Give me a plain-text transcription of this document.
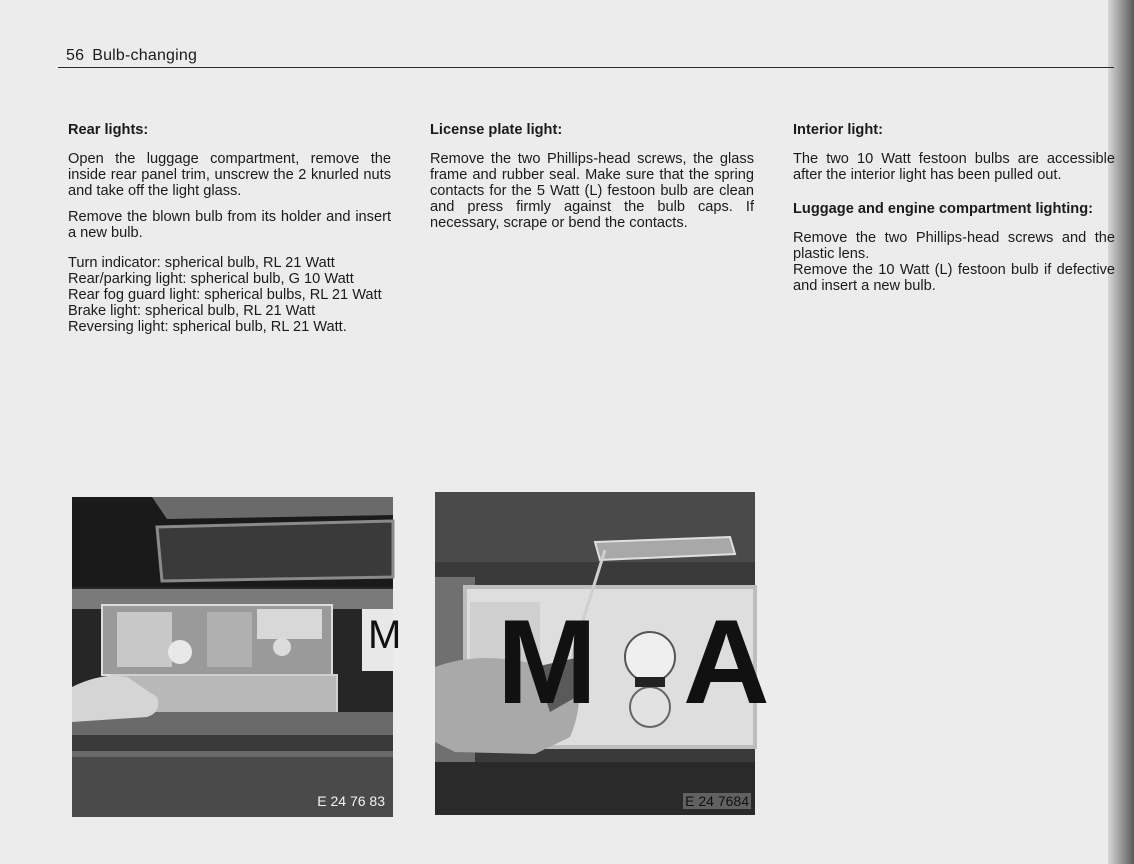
56 Bulb-changing
Rear lights:

Open the luggage compartment, remove the inside rear panel trim, unscrew the 2 knurled nuts and take off the light glass.

Remove the blown bulb from its holder and insert a new bulb.

Turn indicator: spherical bulb, RL 21 Watt
Rear/parking light: spherical bulb, G 10 Watt
Rear fog guard light: spherical bulbs, RL 21 Watt
Brake light: spherical bulb, RL 21 Watt
Reversing light: spherical bulb, RL 21 Watt.
License plate light:

Remove the two Phillips-head screws, the glass frame and rubber seal. Make sure that the spring contacts for the 5 Watt (L) festoon bulb are clean and press firmly against the bulb caps. If necessary, scrape or bend the contacts.

Interior light:

The two 10 Watt festoon bulbs are accessible after the interior light has been pulled out.

Luggage and engine compartment lighting:

Remove the two Phillips-head screws and the plastic lens.

Remove the 10 Watt (L) festoon bulb if defective and insert a new bulb.

E 24 76 83
M M A
E 24 7684
